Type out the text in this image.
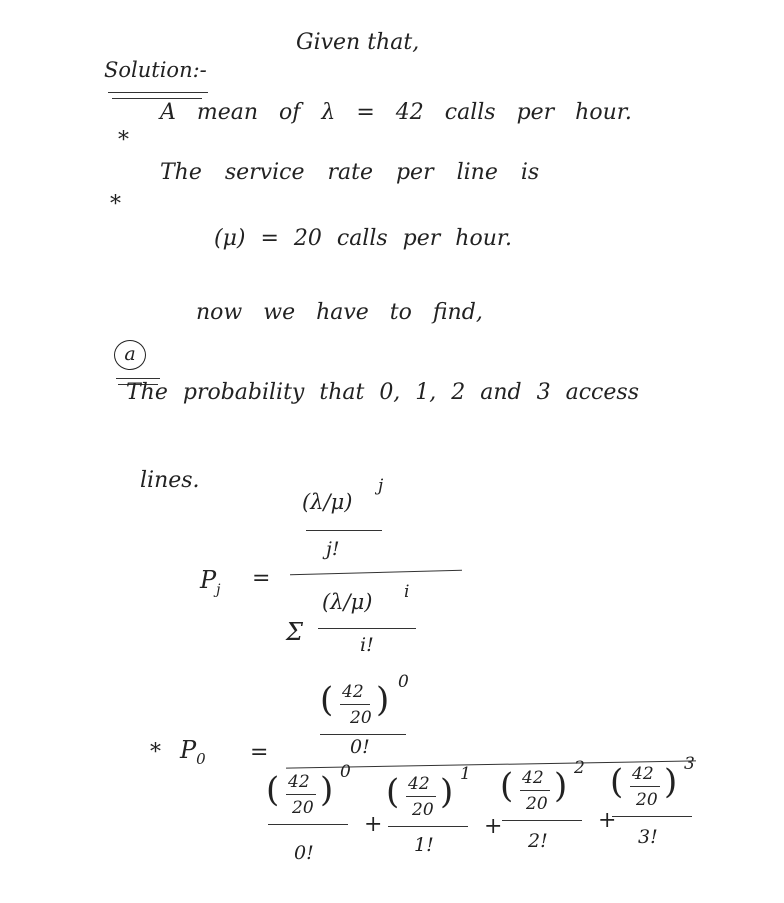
Solution:-
Given that,
*
A mean of λ = 42 calls per hour.
*
The service rate per line is
(μ) = 20 calls per hour.
a
now we have to find,
The probability that 0, 1, 2 and 3 access
lines.
$P_j$ =
(λ/μ)
j
j!
Σ
(λ/μ) i
i!
* $P_0$ =
( 42
20 ) 0
0!
( 42
20 ) 0
0!
+
( 42
20 ) 1
1!
+
( 42
20 ) 2
2!
+
( 42
20 ) 3
3!
